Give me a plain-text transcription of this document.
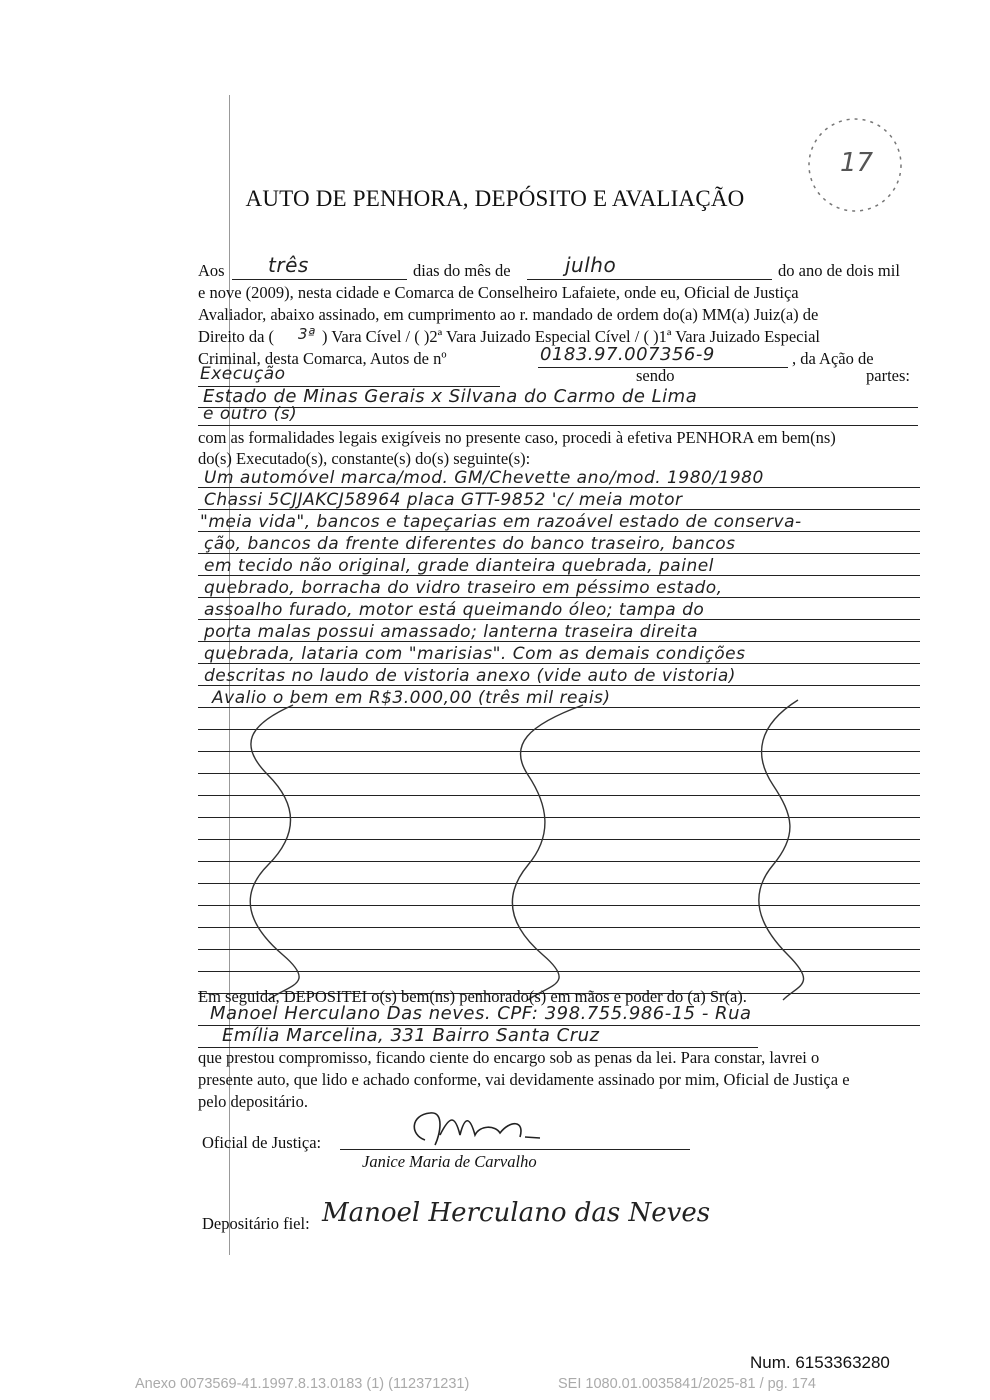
17
AUTO DE PENHORA, DEPÓSITO E AVALIAÇÃO
Aos três	dias do mês de	julho	do ano de dois mil
e nove (2009), nesta cidade e Comarca de Conselheiro Lafaiete, onde eu, Oficial de Justiça
Avaliador, abaixo assinado, em cumprimento ao r. mandado de ordem do(a) MM(a) Juiz(a) de
Direito da ( 3ª ) Vara Cível / ( )2ª Vara Juizado Especial Cível / ( )1ª Vara Juizado Especial
Criminal, desta Comarca, Autos de nº	0183.97.007356-9	, da Ação de
Execução	sendo	partes:
Estado de Minas Gerais x Silvana do Carmo de Lima
e outro (s)
com as formalidades legais exigíveis no presente caso, procedi à efetiva PENHORA em bem(ns)
do(s) Executado(s), constante(s) do(s) seguinte(s):
Um automóvel marca/mod. GM/Chevette ano/mod. 1980/1980
Chassi 5CJJAKCJ58964 placa GTT-9852 'c/ meia motor
"meia vida", bancos e tapeçarias em razoável estado de conserva-
ção, bancos da frente diferentes do banco traseiro, bancos
em tecido não original, grade dianteira quebrada, painel
quebrado, borracha do vidro traseiro em péssimo estado,
assoalho furado, motor está queimando óleo; tampa do
porta malas possui amassado; lanterna traseira direita
quebrada, lataria com "marisias". Com as demais condições
descritas no laudo de vistoria anexo (vide auto de vistoria)
Avalio o bem em R$3.000,00 (três mil reais)
Em seguida, DEPOSITEI o(s) bem(ns) penhorado(s) em mãos e poder do (a) Sr(a).
Manoel Herculano Das neves. CPF: 398.755.986-15 - Rua
Emília Marcelina, 331 Bairro Santa Cruz
que prestou compromisso, ficando ciente do encargo sob as penas da lei. Para constar, lavrei o
presente auto, que lido e achado conforme, vai devidamente assinado por mim, Oficial de Justiça e
pelo depositário.
Oficial de Justiça:
Janice Maria de Carvalho
Depositário fiel: Manoel Herculano das Neves
Num. 6153363280
Anexo 0073569-41.1997.8.13.0183 (1) (112371231)	SEI 1080.01.0035841/2025-81 / pg. 174
